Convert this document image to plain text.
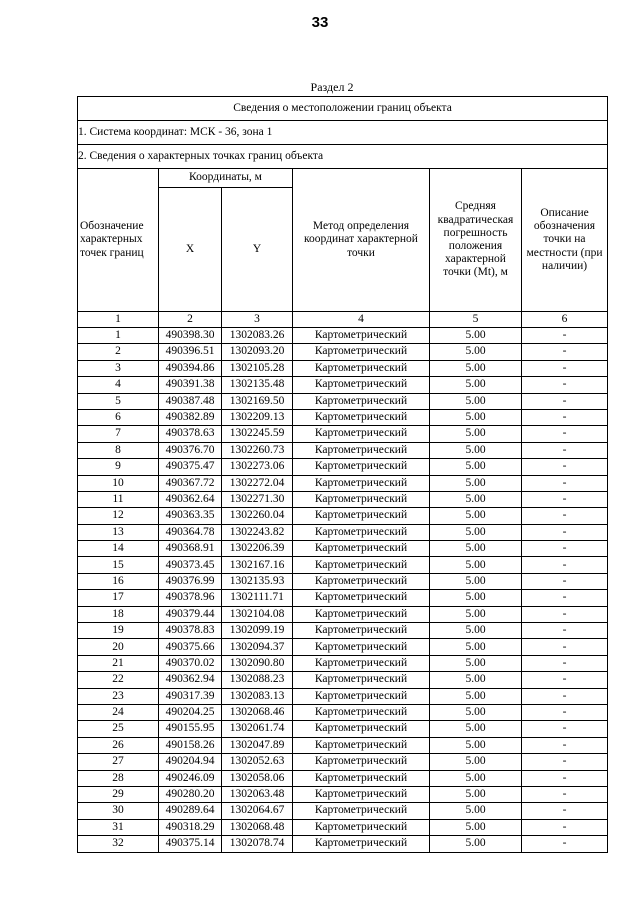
33
Раздел 2
Сведения о местоположении границ объекта					
1. Система координат: МСК - 36, зона 1					
2. Сведения о характерных точках границ объекта					
Обозначение характерных точек границ	Координаты, м		Метод определения координат характерной точки	Средняя квадратическая погрешность положения характерной точки (Mt), м	Описание обозначения точки на местности (при наличии)
	X	Y			
1	2	3	4	5	6
1	490398.30	1302083.26	Картометрический	5.00	-
2	490396.51	1302093.20	Картометрический	5.00	-
3	490394.86	1302105.28	Картометрический	5.00	-
4	490391.38	1302135.48	Картометрический	5.00	-
5	490387.48	1302169.50	Картометрический	5.00	-
6	490382.89	1302209.13	Картометрический	5.00	-
7	490378.63	1302245.59	Картометрический	5.00	-
8	490376.70	1302260.73	Картометрический	5.00	-
9	490375.47	1302273.06	Картометрический	5.00	-
10	490367.72	1302272.04	Картометрический	5.00	-
11	490362.64	1302271.30	Картометрический	5.00	-
12	490363.35	1302260.04	Картометрический	5.00	-
13	490364.78	1302243.82	Картометрический	5.00	-
14	490368.91	1302206.39	Картометрический	5.00	-
15	490373.45	1302167.16	Картометрический	5.00	-
16	490376.99	1302135.93	Картометрический	5.00	-
17	490378.96	1302111.71	Картометрический	5.00	-
18	490379.44	1302104.08	Картометрический	5.00	-
19	490378.83	1302099.19	Картометрический	5.00	-
20	490375.66	1302094.37	Картометрический	5.00	-
21	490370.02	1302090.80	Картометрический	5.00	-
22	490362.94	1302088.23	Картометрический	5.00	-
23	490317.39	1302083.13	Картометрический	5.00	-
24	490204.25	1302068.46	Картометрический	5.00	-
25	490155.95	1302061.74	Картометрический	5.00	-
26	490158.26	1302047.89	Картометрический	5.00	-
27	490204.94	1302052.63	Картометрический	5.00	-
28	490246.09	1302058.06	Картометрический	5.00	-
29	490280.20	1302063.48	Картометрический	5.00	-
30	490289.64	1302064.67	Картометрический	5.00	-
31	490318.29	1302068.48	Картометрический	5.00	-
32	490375.14	1302078.74	Картометрический	5.00	-
